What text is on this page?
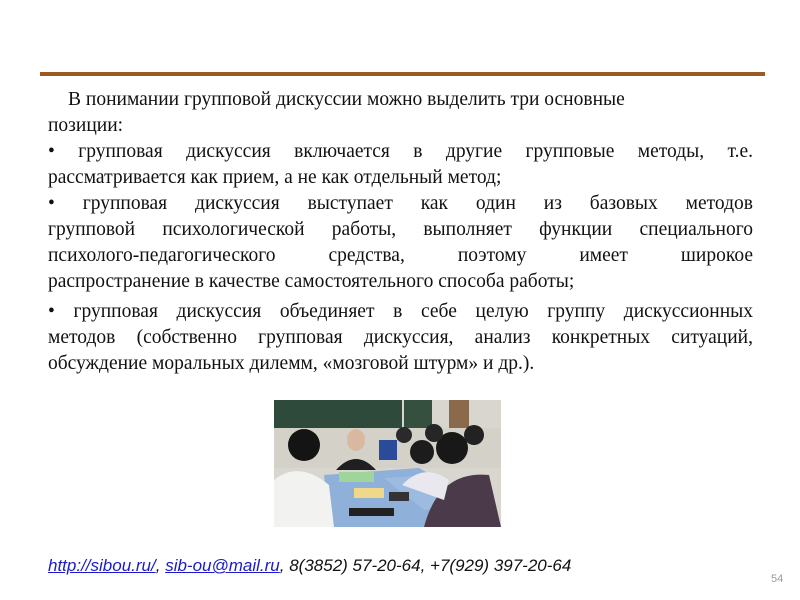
В понимании групповой дискуссии можно выделить три основные
позиции:
• групповая дискуссия включается в другие групповые методы, т.е.
рассматривается как прием, а не как отдельный метод;
• групповая дискуссия выступает как один из базовых методов
групповой психологической работы, выполняет функции специального
психолого-педагогического средства, поэтому имеет широкое
распространение в качестве самостоятельного способа работы;
• групповая дискуссия объединяет в себе целую группу дискуссионных
методов (собственно групповая дискуссия, анализ конкретных ситуаций,
обсуждение моральных дилемм, «мозговой штурм» и др.).
http://sibou.ru/, sib-ou@mail.ru, 8(3852) 57-20-64, +7(929) 397-20-64
54
